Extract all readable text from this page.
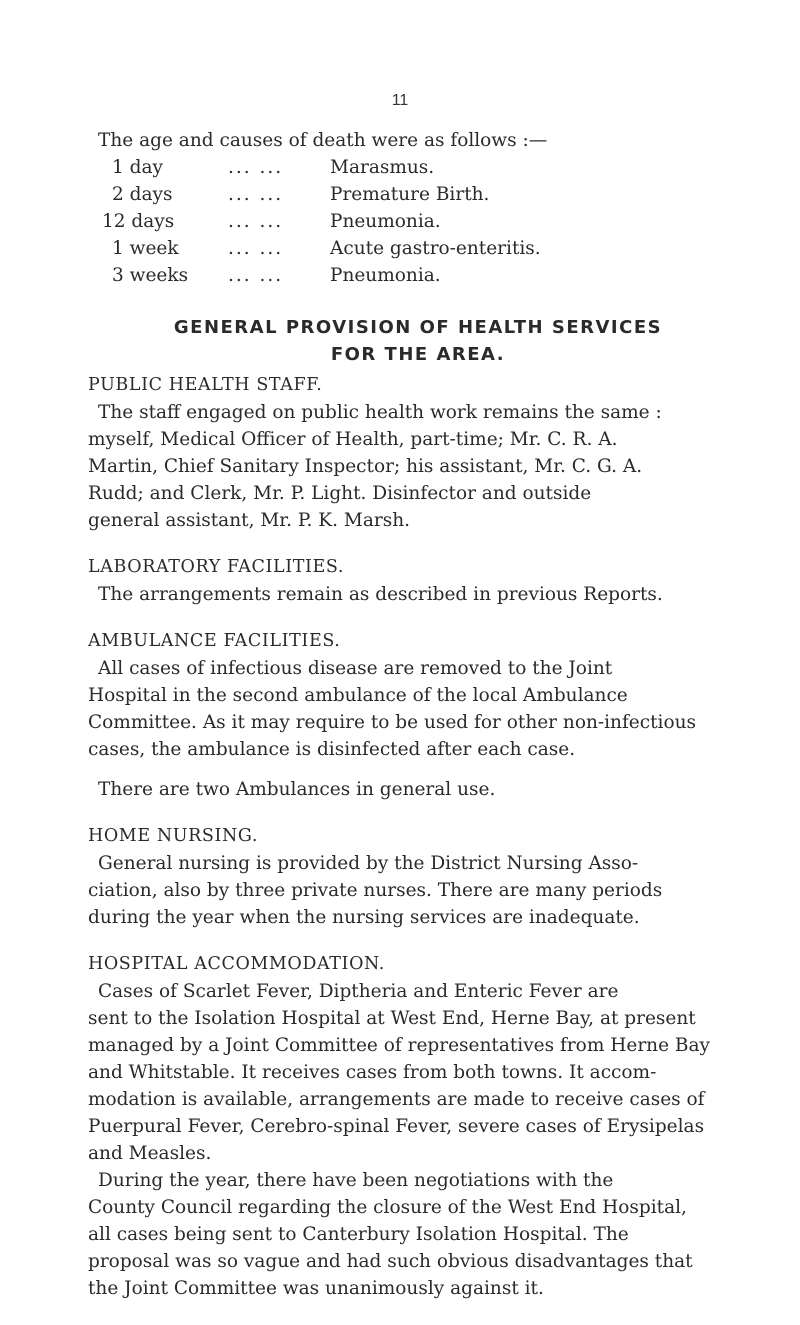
11
The age and causes of death were as follows :—
1 day	... ...	Marasmus.
2 days	... ...	Premature Birth.
12 days	... ...	Pneumonia.
1 week	... ...	Acute gastro-enteritis.
3 weeks	... ...	Pneumonia.
GENERAL PROVISION OF HEALTH SERVICES
FOR THE AREA.
PUBLIC HEALTH STAFF.
The staff engaged on public health work remains the same :
myself, Medical Officer of Health, part-time; Mr. C. R. A.
Martin, Chief Sanitary Inspector; his assistant, Mr. C. G. A.
Rudd; and Clerk, Mr. P. Light. Disinfector and outside
general assistant, Mr. P. K. Marsh.
LABORATORY FACILITIES.
The arrangements remain as described in previous Reports.
AMBULANCE FACILITIES.
All cases of infectious disease are removed to the Joint
Hospital in the second ambulance of the local Ambulance
Committee. As it may require to be used for other non-infectious
cases, the ambulance is disinfected after each case.
There are two Ambulances in general use.
HOME NURSING.
General nursing is provided by the District Nursing Asso-
ciation, also by three private nurses. There are many periods
during the year when the nursing services are inadequate.
HOSPITAL ACCOMMODATION.
Cases of Scarlet Fever, Diptheria and Enteric Fever are
sent to the Isolation Hospital at West End, Herne Bay, at present
managed by a Joint Committee of representatives from Herne Bay
and Whitstable. It receives cases from both towns. It accom-
modation is available, arrangements are made to receive cases of
Puerpural Fever, Cerebro-spinal Fever, severe cases of Erysipelas
and Measles.
During the year, there have been negotiations with the
County Council regarding the closure of the West End Hospital,
all cases being sent to Canterbury Isolation Hospital. The
proposal was so vague and had such obvious disadvantages that
the Joint Committee was unanimously against it.
